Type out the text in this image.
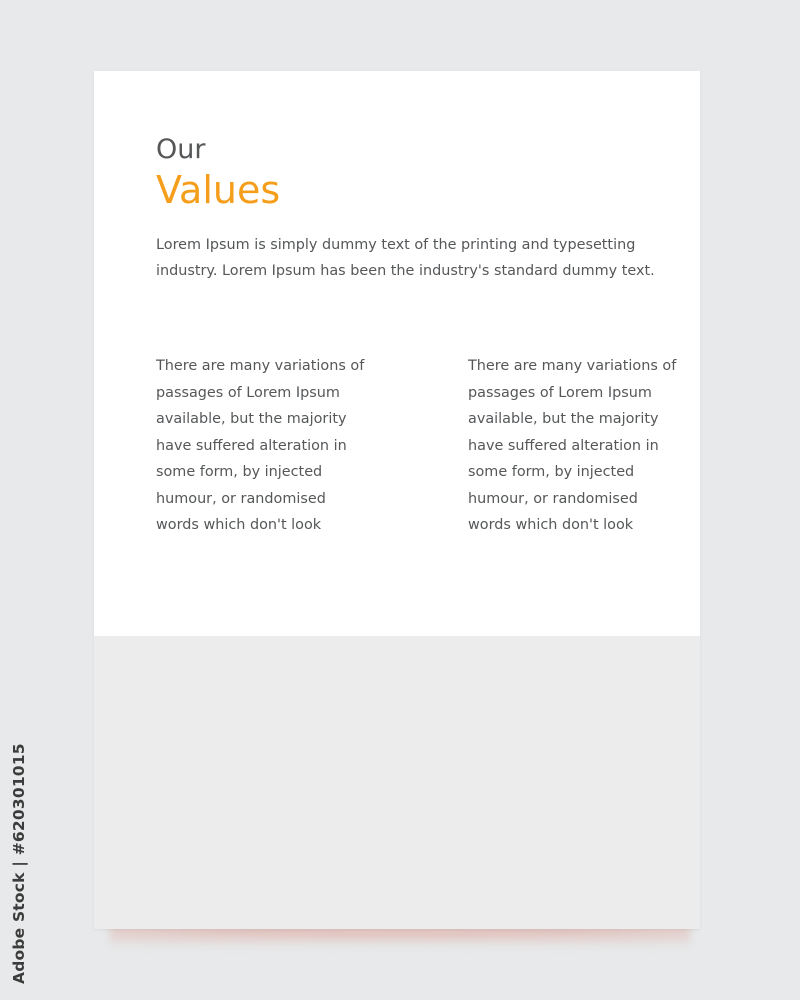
Our
Values

Lorem Ipsum is simply dummy text of the printing and typesetting
industry. Lorem Ipsum has been the industry's standard dummy text.

There are many variations of
passages of Lorem Ipsum
available, but the majority
have suffered alteration in
some form, by injected
humour, or randomised
words which don't look

There are many variations of
passages of Lorem Ipsum
available, but the majority
have suffered alteration in
some form, by injected
humour, or randomised
words which don't look

Adobe Stock | #620301015
